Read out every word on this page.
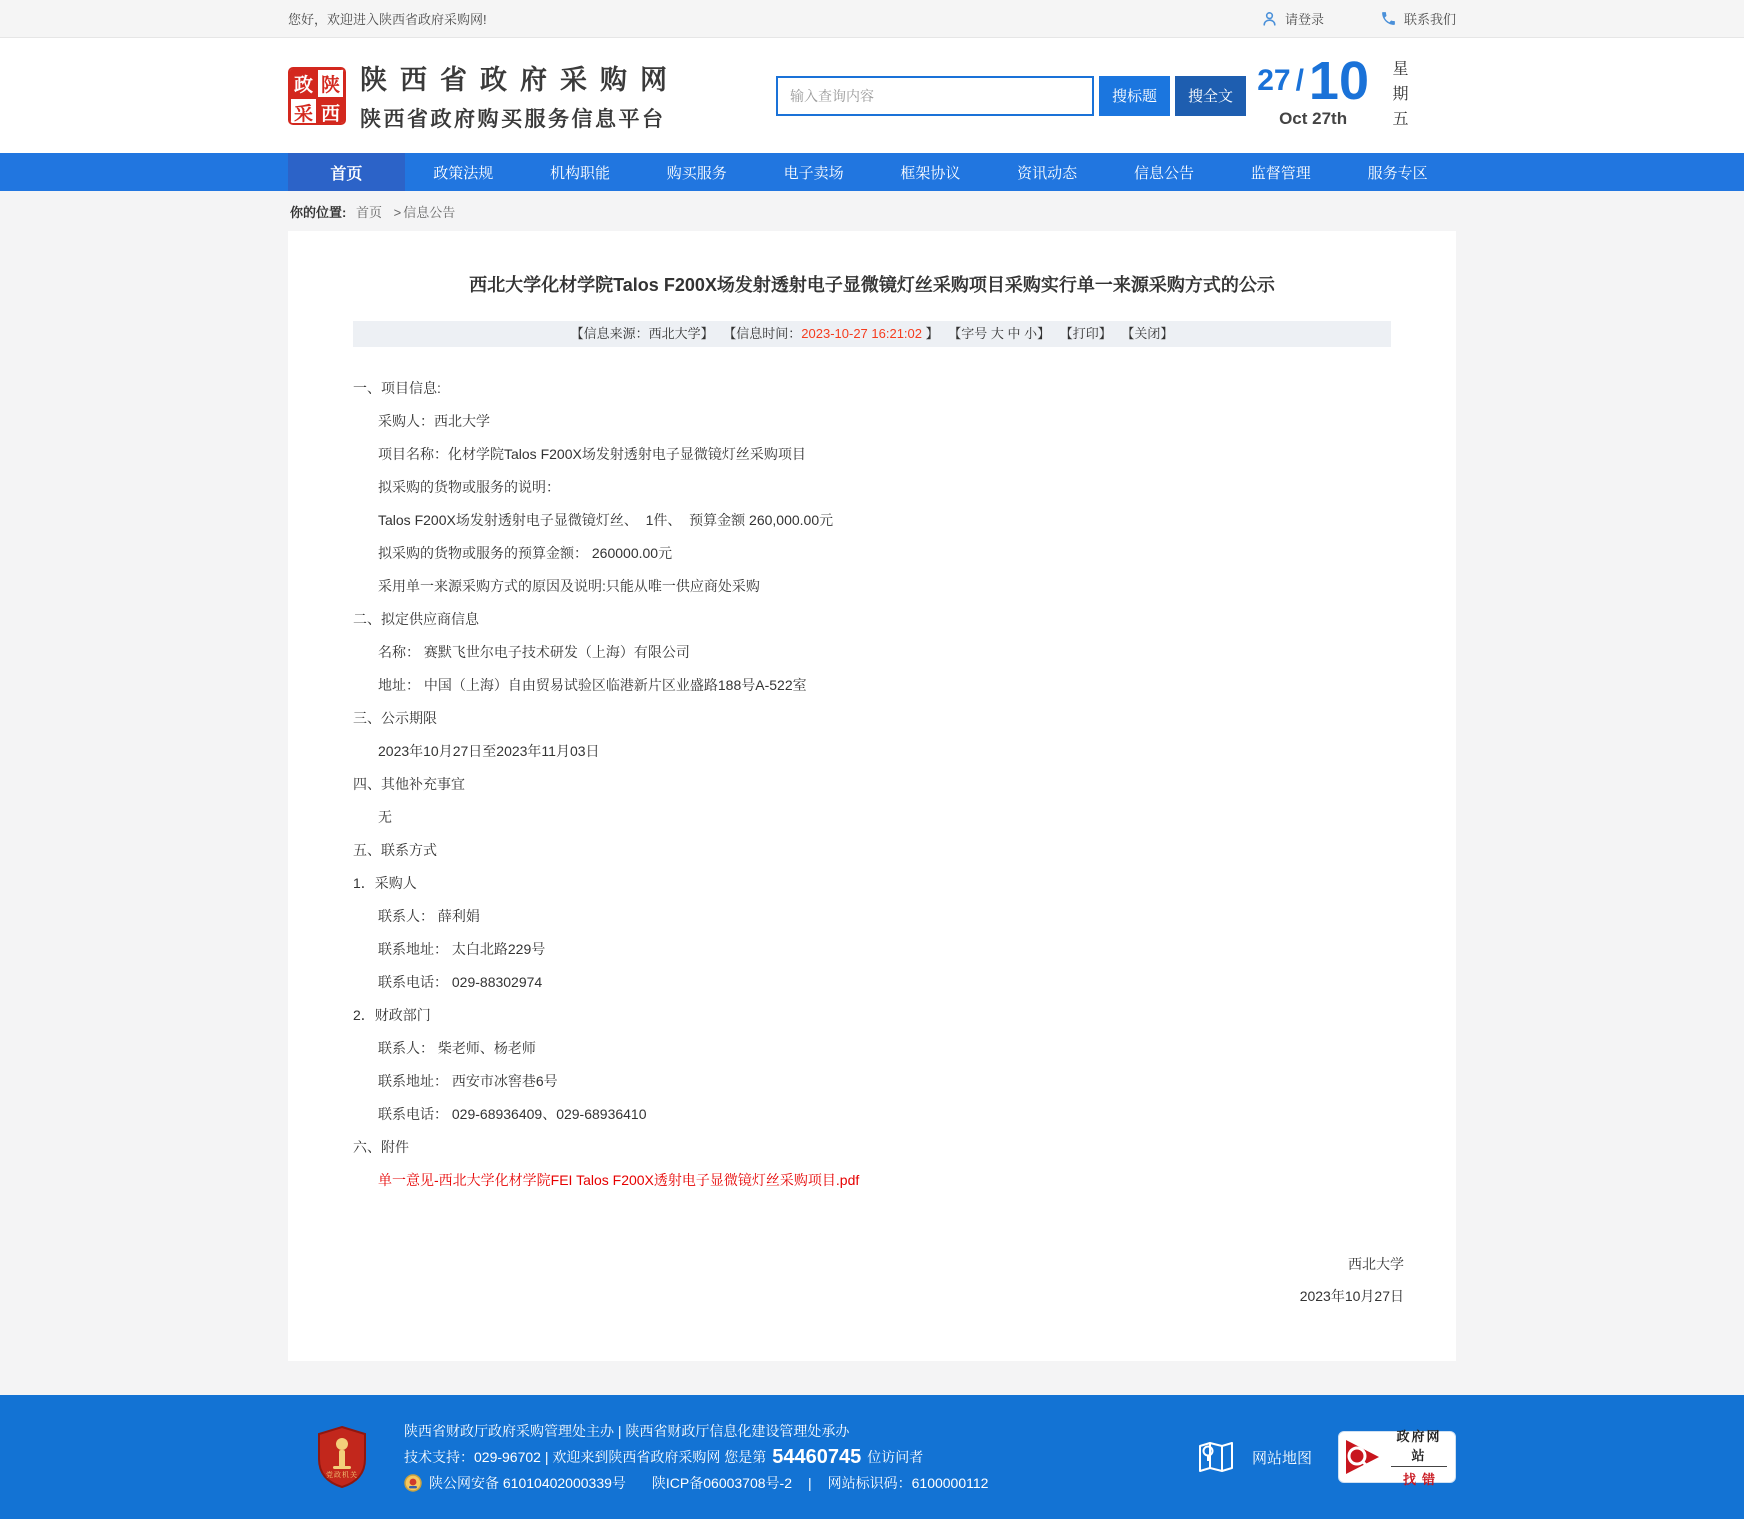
您好，欢迎进入陕西省政府采购网!	请登录	联系我们
政 陕
采 西
陕西省政府采购网
陕西省政府购买服务信息平台
输入查询内容
搜标题	搜全文 27 / 10
Oct 27th	星期五
首页	政策法规	机构职能	购买服务	电子卖场	框架协议	资讯动态	信息公告	监督管理	服务专区
你的位置: 首页 > 信息公告
西北大学化材学院Talos F200X场发射透射电子显微镜灯丝采购项目采购实行单一来源采购方式的公示
【信息来源：西北大学】 【信息时间：2023-10-27 16:21:02 】 【字号 大 中 小】 【打印】 【关闭】

一、项目信息:

采购人：西北大学

项目名称：化材学院Talos F200X场发射透射电子显微镜灯丝采购项目

拟采购的货物或服务的说明：

Talos F200X场发射透射电子显微镜灯丝、  1件、  预算金额 260,000.00元

拟采购的货物或服务的预算金额： 260000.00元

采用单一来源采购方式的原因及说明:只能从唯一供应商处采购

二、拟定供应商信息

名称： 赛默飞世尔电子技术研发（上海）有限公司

地址： 中国（上海）自由贸易试验区临港新片区业盛路188号A-522室

三、公示期限

2023年10月27日至2023年11月03日

四、其他补充事宜

无

五、联系方式

1．采购人

联系人： 薛利娟

联系地址： 太白北路229号

联系电话： 029-88302974

2．财政部门

联系人： 柴老师、杨老师

联系地址： 西安市冰窖巷6号

联系电话： 029-68936409、029-68936410

六、附件

单一意见-西北大学化材学院FEI Talos F200X透射电子显微镜灯丝采购项目.pdf

西北大学
2023年10月27日
党政机关
陕西省财政厅政府采购管理处主办 | 陕西省财政厅信息化建设管理处承办
技术支持：029-96702 | 欢迎来到陕西省政府采购网 您是第 54460745 位访问者
陕公网安备 61010402000339号 陕ICP备06003708号-2 | 网站标识码：6100000112
网站地图
政府网站
找错
